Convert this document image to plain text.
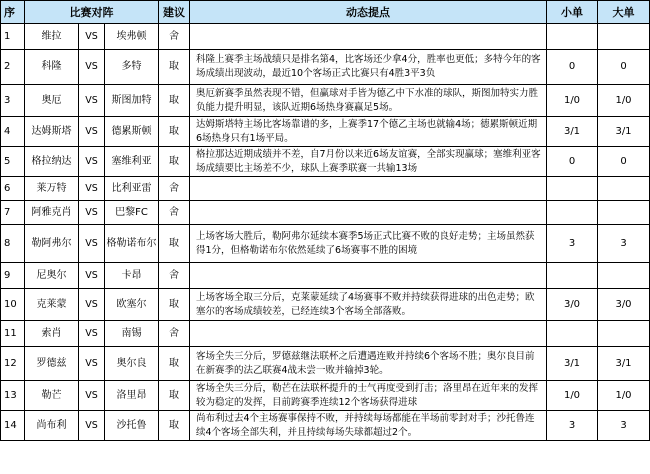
序	比赛对阵			建议	动态提点	小单	大单
1	维拉	VS	埃弗顿	舍			
2	科隆	VS	多特	取	科隆上赛季主场战绩只是排名第4，比客场还少拿4分，胜率也更低；多特今年的客场成绩出现波动，最近10个客场正式比赛只有4胜3平3负	0	0
3	奥厄	VS	斯图加特	取	奥厄新赛季虽然表现不错，但赢球对手皆为德乙中下水准的球队，斯图加特实力胜负能力提升明显，该队近期6场热身赛赢足5场。	1/0	1/0
4	达姆斯塔	VS	德累斯顿	取	达姆斯塔特主场比客场靠谱的多，上赛季17个德乙主场也就输4场；德累斯顿近期6场热身只有1场平局。	3/1	3/1
5	格拉纳达	VS	塞维利亚	取	格拉那达近期成绩并不差，自7月份以来近6场友谊赛，全部实现赢球；塞维利亚客场成绩要比主场差不少，球队上赛季联赛一共输13场	0	0
6	莱万特	VS	比利亚雷	舍			
7	阿雅克肖	VS	巴黎FC	舍			
8	勒阿弗尔	VS	格勒诺布尔	取	上场客场大胜后，勒阿弗尔延续本赛季5场正式比赛不败的良好走势；主场虽然获得1分，但格勒诺布尔依然延续了6场赛事不胜的困境	3	3
9	尼奥尔	VS	卡昂	舍			
10	克莱蒙	VS	欧塞尔	取	上场客场全取三分后，克莱蒙延续了4场赛事不败并持续获得进球的出色走势；欧塞尔的客场成绩较差，已经连续3个客场全部落败。	3/0	3/0
11	索肖	VS	南锡	舍			
12	罗德兹	VS	奥尔良	取	客场全失三分后，罗德兹继法联杯之后遭遇连败并持续6个客场不胜；奥尔良目前在新赛季的法乙联赛4战未尝一败并输掉3轮。	3/1	3/1
13	勒芒	VS	洛里昂	取	客场全失三分后，勒芒在法联杯提升的士气再度受到打击；洛里昂在近年来的发挥较为稳定的发挥，目前跨赛季连续12个客场获得进球	1/0	1/0
14	尚布利	VS	沙托鲁	取	尚布利过去4个主场赛事保持不败，并持续每场都能在半场前零封对手；沙托鲁连续4个客场全部失利，并且持续每场失球都超过2个。	3	3
